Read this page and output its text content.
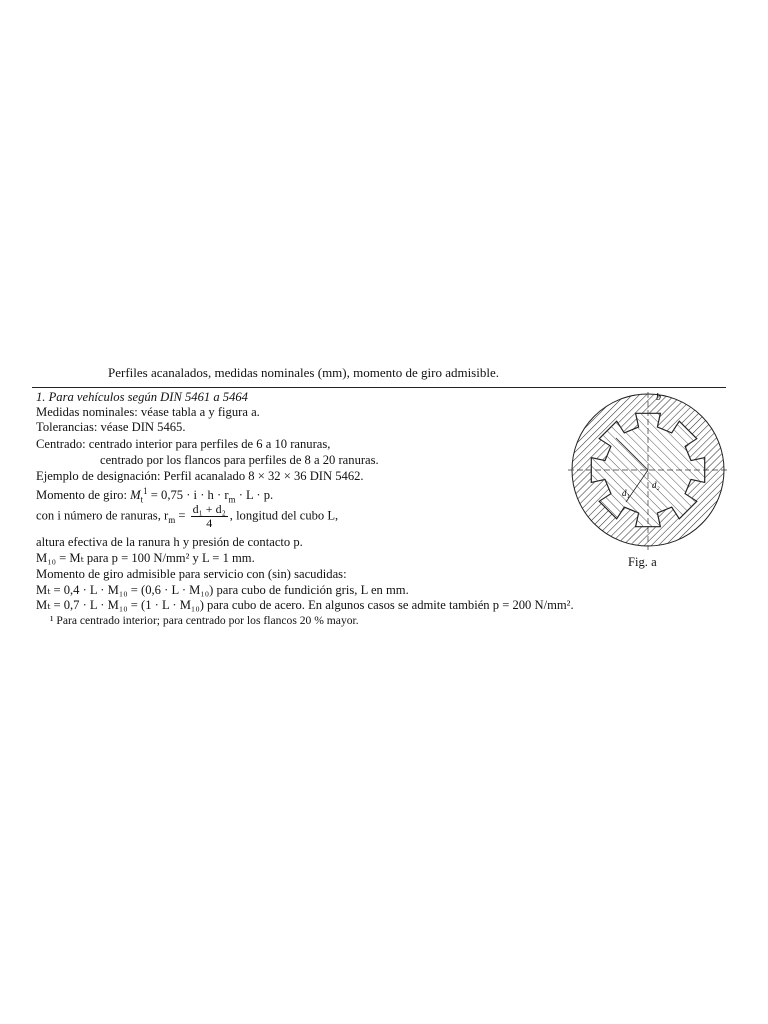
Perfiles acanalados, medidas nominales (mm), momento de giro admisible.
1. Para vehículos según DIN 5461 a 5464
Medidas nominales: véase tabla a y figura a.
Tolerancias: véase DIN 5465.
Centrado: centrado interior para perfiles de 6 a 10 ranuras,
centrado por los flancos para perfiles de 8 a 20 ranuras.
Ejemplo de designación: Perfil acanalado 8 × 32 × 36 DIN 5462.
Momento de giro: $M_t^1 = 0,75 \cdot i \cdot h \cdot r_m \cdot L \cdot p$.
con i número de ranuras, $r_m = \frac{\text{d₁ + d₂}}{4}$ , longitud del cubo L,
altura efectiva de la ranura h y presión de contacto p.
M₁₀ = Mₜ para p = 100 N/mm² y L = 1 mm.
Momento de giro admisible para servicio con (sin) sacudidas:
Mₜ = 0,4 · L · M₁₀ = (0,6 · L · M₁₀) para cubo de fundición gris, L en mm.
Mₜ = 0,7 · L · M₁₀ = (1 · L · M₁₀) para cubo de acero. En algunos casos se admite también p = 200 N/mm².
¹ Para centrado interior; para centrado por los flancos 20 % mayor.
b
d₁
d₂
Fig. a
